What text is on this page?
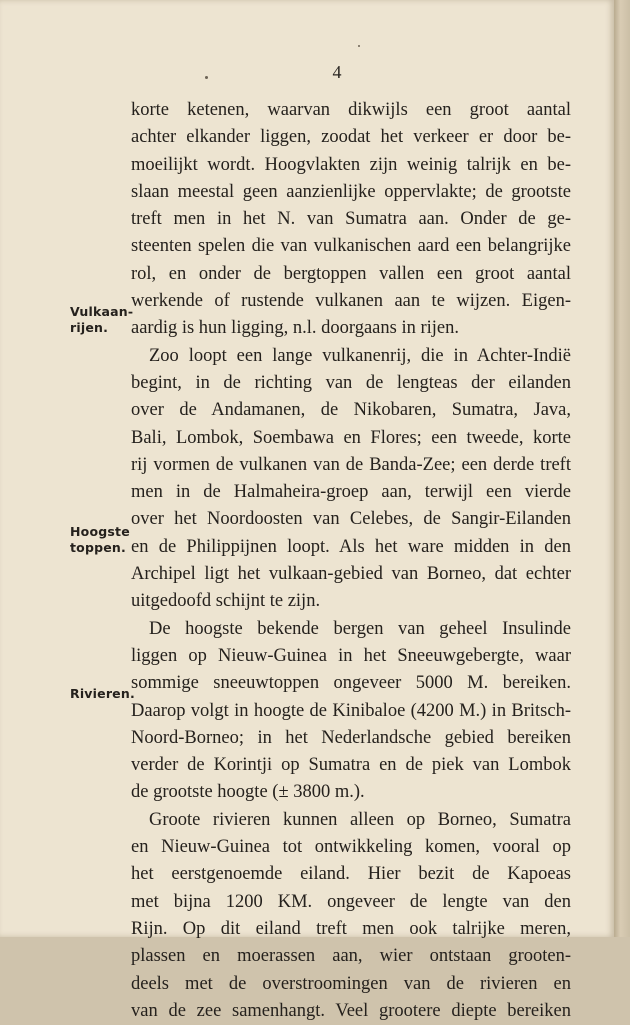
4
Vulkaan-
rijen.
Hoogste
toppen.
Rivieren.
korte ketenen, waarvan dikwijls een groot aantal
achter elkander liggen, zoodat het verkeer er door be-
moeilijkt wordt. Hoogvlakten zijn weinig talrijk en be-
slaan meestal geen aanzienlijke oppervlakte; de grootste
treft men in het N. van Sumatra aan. Onder de ge-
steenten spelen die van vulkanischen aard een belangrijke
rol, en onder de bergtoppen vallen een groot aantal
werkende of rustende vulkanen aan te wijzen. Eigen-
aardig is hun ligging, n.l. doorgaans in rijen.
Zoo loopt een lange vulkanenrij, die in Achter-Indië
begint, in de richting van de lengteas der eilanden
over de Andamanen, de Nikobaren, Sumatra, Java,
Bali, Lombok, Soembawa en Flores; een tweede, korte
rij vormen de vulkanen van de Banda-Zee; een derde treft
men in de Halmaheira-groep aan, terwijl een vierde
over het Noordoosten van Celebes, de Sangir-Eilanden
en de Philippijnen loopt. Als het ware midden in den
Archipel ligt het vulkaan-gebied van Borneo, dat echter
uitgedoofd schijnt te zijn.
De hoogste bekende bergen van geheel Insulinde
liggen op Nieuw-Guinea in het Sneeuwgebergte, waar
sommige sneeuwtoppen ongeveer 5000 M. bereiken.
Daarop volgt in hoogte de Kinibaloe (4200 M.) in Britsch-
Noord-Borneo; in het Nederlandsche gebied bereiken
verder de Korintji op Sumatra en de piek van Lombok
de grootste hoogte (± 3800 m.).
Groote rivieren kunnen alleen op Borneo, Sumatra
en Nieuw-Guinea tot ontwikkeling komen, vooral op
het eerstgenoemde eiland. Hier bezit de Kapoeas
met bijna 1200 KM. ongeveer de lengte van den
Rijn. Op dit eiland treft men ook talrijke meren,
plassen en moerassen aan, wier ontstaan grooten-
deels met de overstroomingen van de rivieren en
van de zee samenhangt. Veel grootere diepte bereiken
